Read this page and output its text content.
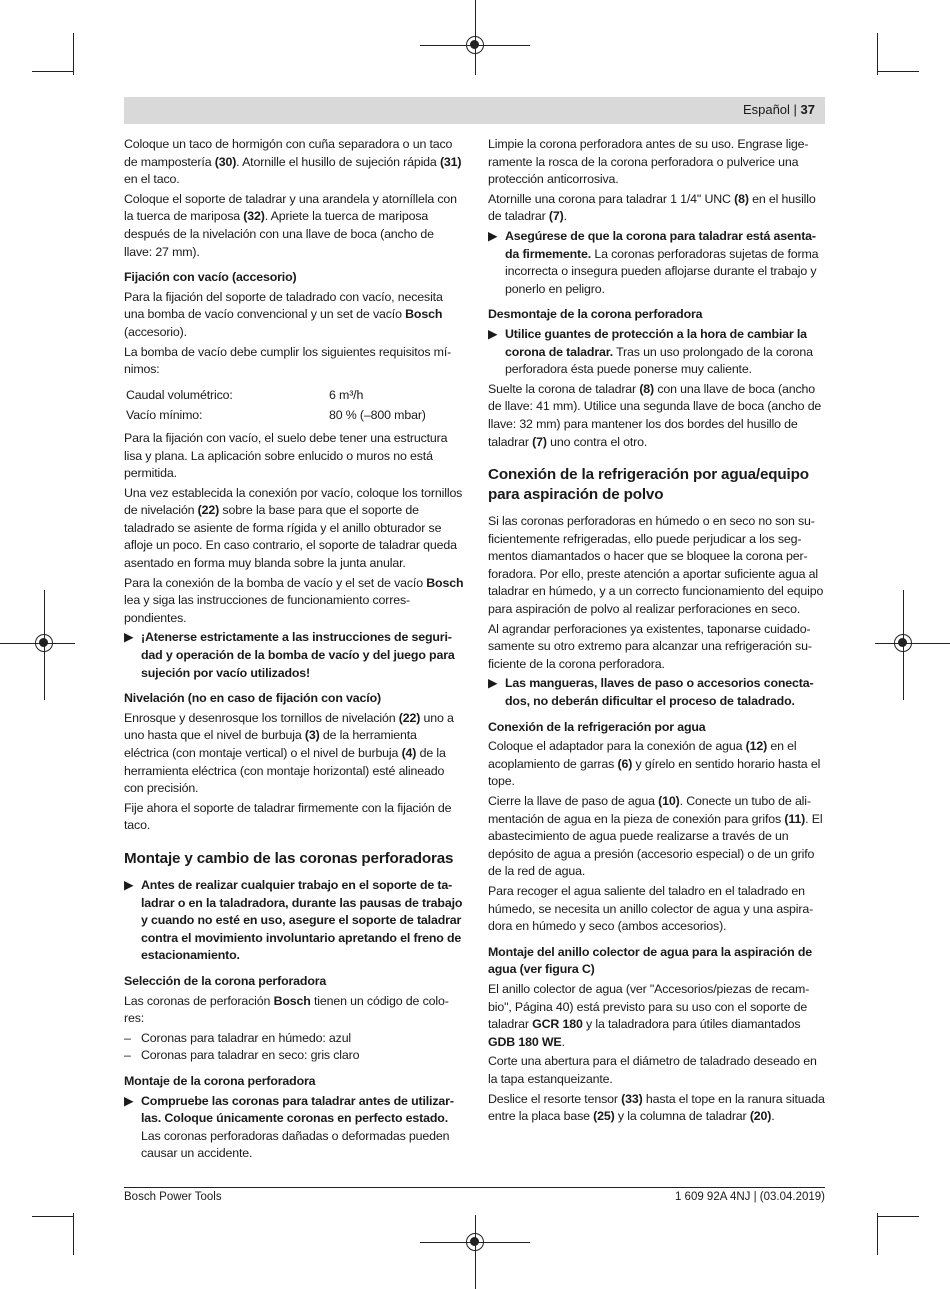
Español | 37

Coloque un taco de hormigón con cuña separadora o un taco de mampostería (30). Atornille el husillo de sujeción rápida (31) en el taco.

Coloque el soporte de taladrar y una arandela y atorníllela con la tuerca de mariposa (32). Apriete la tuerca de mariposa después de la nivelación con una llave de boca (ancho de llave: 27 mm).

Fijación con vacío (accesorio)

Para la fijación del soporte de taladrado con vacío, necesita una bomba de vacío convencional y un set de vacío Bosch (accesorio).

La bomba de vacío debe cumplir los siguientes requisitos mínimos:

Caudal volumétrico:	6 m³/h
Vacío mínimo:	80 % (–800 mbar)

Para la fijación con vacío, el suelo debe tener una estructura lisa y plana. La aplicación sobre enlucido o muros no está permitida.

Una vez establecida la conexión por vacío, coloque los tornillos de nivelación (22) sobre la base para que el soporte de taladrado se asiente de forma rígida y el anillo obturador se afloje un poco. En caso contrario, el soporte de taladrar queda asentado en forma muy blanda sobre la junta anular.

Para la conexión de la bomba de vacío y el set de vacío Bosch lea y siga las instrucciones de funcionamiento correspondientes.

▶ ¡Atenerse estrictamente a las instrucciones de seguridad y operación de la bomba de vacío y del juego para sujeción por vacío utilizados!
Nivelación (no en caso de fijación con vacío)

Enrosque y desenrosque los tornillos de nivelación (22) uno a uno hasta que el nivel de burbuja (3) de la herramienta eléctrica (con montaje vertical) o el nivel de burbuja (4) de la herramienta eléctrica (con montaje horizontal) esté alineado con precisión.

Fije ahora el soporte de taladrar firmemente con la fijación de taco.

Montaje y cambio de las coronas perforadoras
▶ Antes de realizar cualquier trabajo en el soporte de taladrar o en la taladradora, durante las pausas de trabajo y cuando no esté en uso, asegure el soporte de taladrar contra el movimiento involuntario apretando el freno de estacionamiento.
Selección de la corona perforadora

Las coronas de perforación Bosch tienen un código de colores:

– Coronas para taladrar en húmedo: azul
– Coronas para taladrar en seco: gris claro
Montaje de la corona perforadora
▶ Compruebe las coronas para taladrar antes de utilizarlas. Coloque únicamente coronas en perfecto estado. Las coronas perforadoras dañadas o deformadas pueden causar un accidente.

Limpie la corona perforadora antes de su uso. Engrase ligeramente la rosca de la corona perforadora o pulverice una protección anticorrosiva.

Atornille una corona para taladrar 1 1/4" UNC (8) en el husillo de taladrar (7).

▶ Asegúrese de que la corona para taladrar está asentada firmemente. La coronas perforadoras sujetas de forma incorrecta o insegura pueden aflojarse durante el trabajo y ponerlo en peligro.
Desmontaje de la corona perforadora
▶ Utilice guantes de protección a la hora de cambiar la corona de taladrar. Tras un uso prolongado de la corona perforadora ésta puede ponerse muy caliente.

Suelte la corona de taladrar (8) con una llave de boca (ancho de llave: 41 mm). Utilice una segunda llave de boca (ancho de llave: 32 mm) para mantener los dos bordes del husillo de taladrar (7) uno contra el otro.

Conexión de la refrigeración por agua/equipo para aspiración de polvo

Si las coronas perforadoras en húmedo o en seco no son suficientemente refrigeradas, ello puede perjudicar a los segmentos diamantados o hacer que se bloquee la corona perforadora. Por ello, preste atención a aportar suficiente agua al taladrar en húmedo, y a un correcto funcionamiento del equipo para aspiración de polvo al realizar perforaciones en seco.

Al agrandar perforaciones ya existentes, taponarse cuidadosamente su otro extremo para alcanzar una refrigeración suficiente de la corona perforadora.

▶ Las mangueras, llaves de paso o accesorios conectados, no deberán dificultar el proceso de taladrado.
Conexión de la refrigeración por agua

Coloque el adaptador para la conexión de agua (12) en el acoplamiento de garras (6) y gírelo en sentido horario hasta el tope.

Cierre la llave de paso de agua (10). Conecte un tubo de alimentación de agua en la pieza de conexión para grifos (11). El abastecimiento de agua puede realizarse a través de un depósito de agua a presión (accesorio especial) o de un grifo de la red de agua.

Para recoger el agua saliente del taladro en el taladrado en húmedo, se necesita un anillo colector de agua y una aspiradora en húmedo y seco (ambos accesorios).

Montaje del anillo colector de agua para la aspiración de agua (ver figura C)

El anillo colector de agua (ver "Accesorios/piezas de recambio", Página 40) está previsto para su uso con el soporte de taladrar GCR 180 y la taladradora para útiles diamantados GDB 180 WE.

Corte una abertura para el diámetro de taladrado deseado en la tapa estanqueizante.

Deslice el resorte tensor (33) hasta el tope en la ranura situada entre la placa base (25) y la columna de taladrar (20).

Bosch Power Tools	1 609 92A 4NJ | (03.04.2019)
